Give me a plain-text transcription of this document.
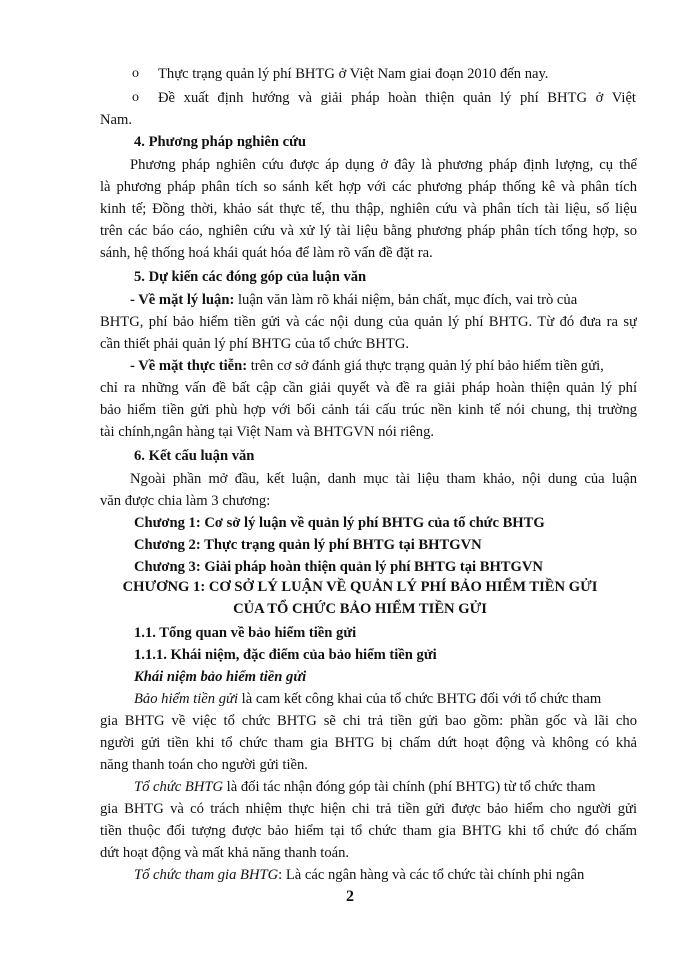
o Thực trạng quản lý phí BHTG ở Việt Nam giai đoạn 2010 đến nay.
o Đề xuất định hướng và giải pháp hoàn thiện quản lý phí BHTG ở Việt
Nam.
4. Phương pháp nghiên cứu
Phương pháp nghiên cứu được áp dụng ở đây là phương pháp định lượng, cụ thể
là phương pháp phân tích so sánh kết hợp với các phương pháp thống kê và phân tích
kinh tế; Đồng thời, khảo sát thực tế, thu thập, nghiên cứu và phân tích tài liệu, số liệu
trên các báo cáo, nghiên cứu và xử lý tài liệu bằng phương pháp phân tích tổng hợp, so
sánh, hệ thống hoá khái quát hóa để làm rõ vấn đề đặt ra.
5. Dự kiến các đóng góp của luận văn
- Về mặt lý luận: luận văn làm rõ khái niệm, bản chất, mục đích, vai trò của
BHTG, phí bảo hiểm tiền gửi và các nội dung của quản lý phí BHTG. Từ đó đưa ra sự
cần thiết phải quản lý phí BHTG của tổ chức BHTG.
- Về mặt thực tiễn: trên cơ sở đánh giá thực trạng quản lý phí bảo hiểm tiền gửi,
chỉ ra những vấn đề bất cập cần giải quyết và đề ra giải pháp hoàn thiện quản lý phí
bảo hiểm tiền gửi phù hợp với bối cảnh tái cấu trúc nền kinh tế nói chung, thị trường
tài chính,ngân hàng tại Việt Nam và BHTGVN nói riêng.
6. Kết cấu luận văn
Ngoài phần mở đầu, kết luận, danh mục tài liệu tham khảo, nội dung của luận
văn được chia làm 3 chương:
Chương 1: Cơ sở lý luận về quản lý phí BHTG của tổ chức BHTG
Chương 2: Thực trạng quản lý phí BHTG tại BHTGVN
Chương 3: Giải pháp hoàn thiện quản lý phí BHTG tại BHTGVN
CHƯƠNG 1: CƠ SỞ LÝ LUẬN VỀ QUẢN LÝ PHÍ BẢO HIỂM TIỀN GỬI
CỦA TỔ CHỨC BẢO HIỂM TIỀN GỬI
1.1. Tổng quan về bảo hiểm tiền gửi
1.1.1. Khái niệm, đặc điểm của bảo hiểm tiền gửi
Khái niệm bảo hiểm tiền gửi
Bảo hiểm tiền gửi là cam kết công khai của tổ chức BHTG đối với tổ chức tham
gia BHTG về việc tổ chức BHTG sẽ chi trả tiền gửi bao gồm: phần gốc và lãi cho
người gửi tiền khi tổ chức tham gia BHTG bị chấm dứt hoạt động và không có khả
năng thanh toán cho người gửi tiền.
Tổ chức BHTG là đối tác nhận đóng góp tài chính (phí BHTG) từ tổ chức tham
gia BHTG và có trách nhiệm thực hiện chi trả tiền gửi được bảo hiểm cho người gửi
tiền thuộc đối tượng được bảo hiểm tại tổ chức tham gia BHTG khi tổ chức đó chấm
dứt hoạt động và mất khả năng thanh toán.
Tổ chức tham gia BHTG: Là các ngân hàng và các tổ chức tài chính phi ngân
2
